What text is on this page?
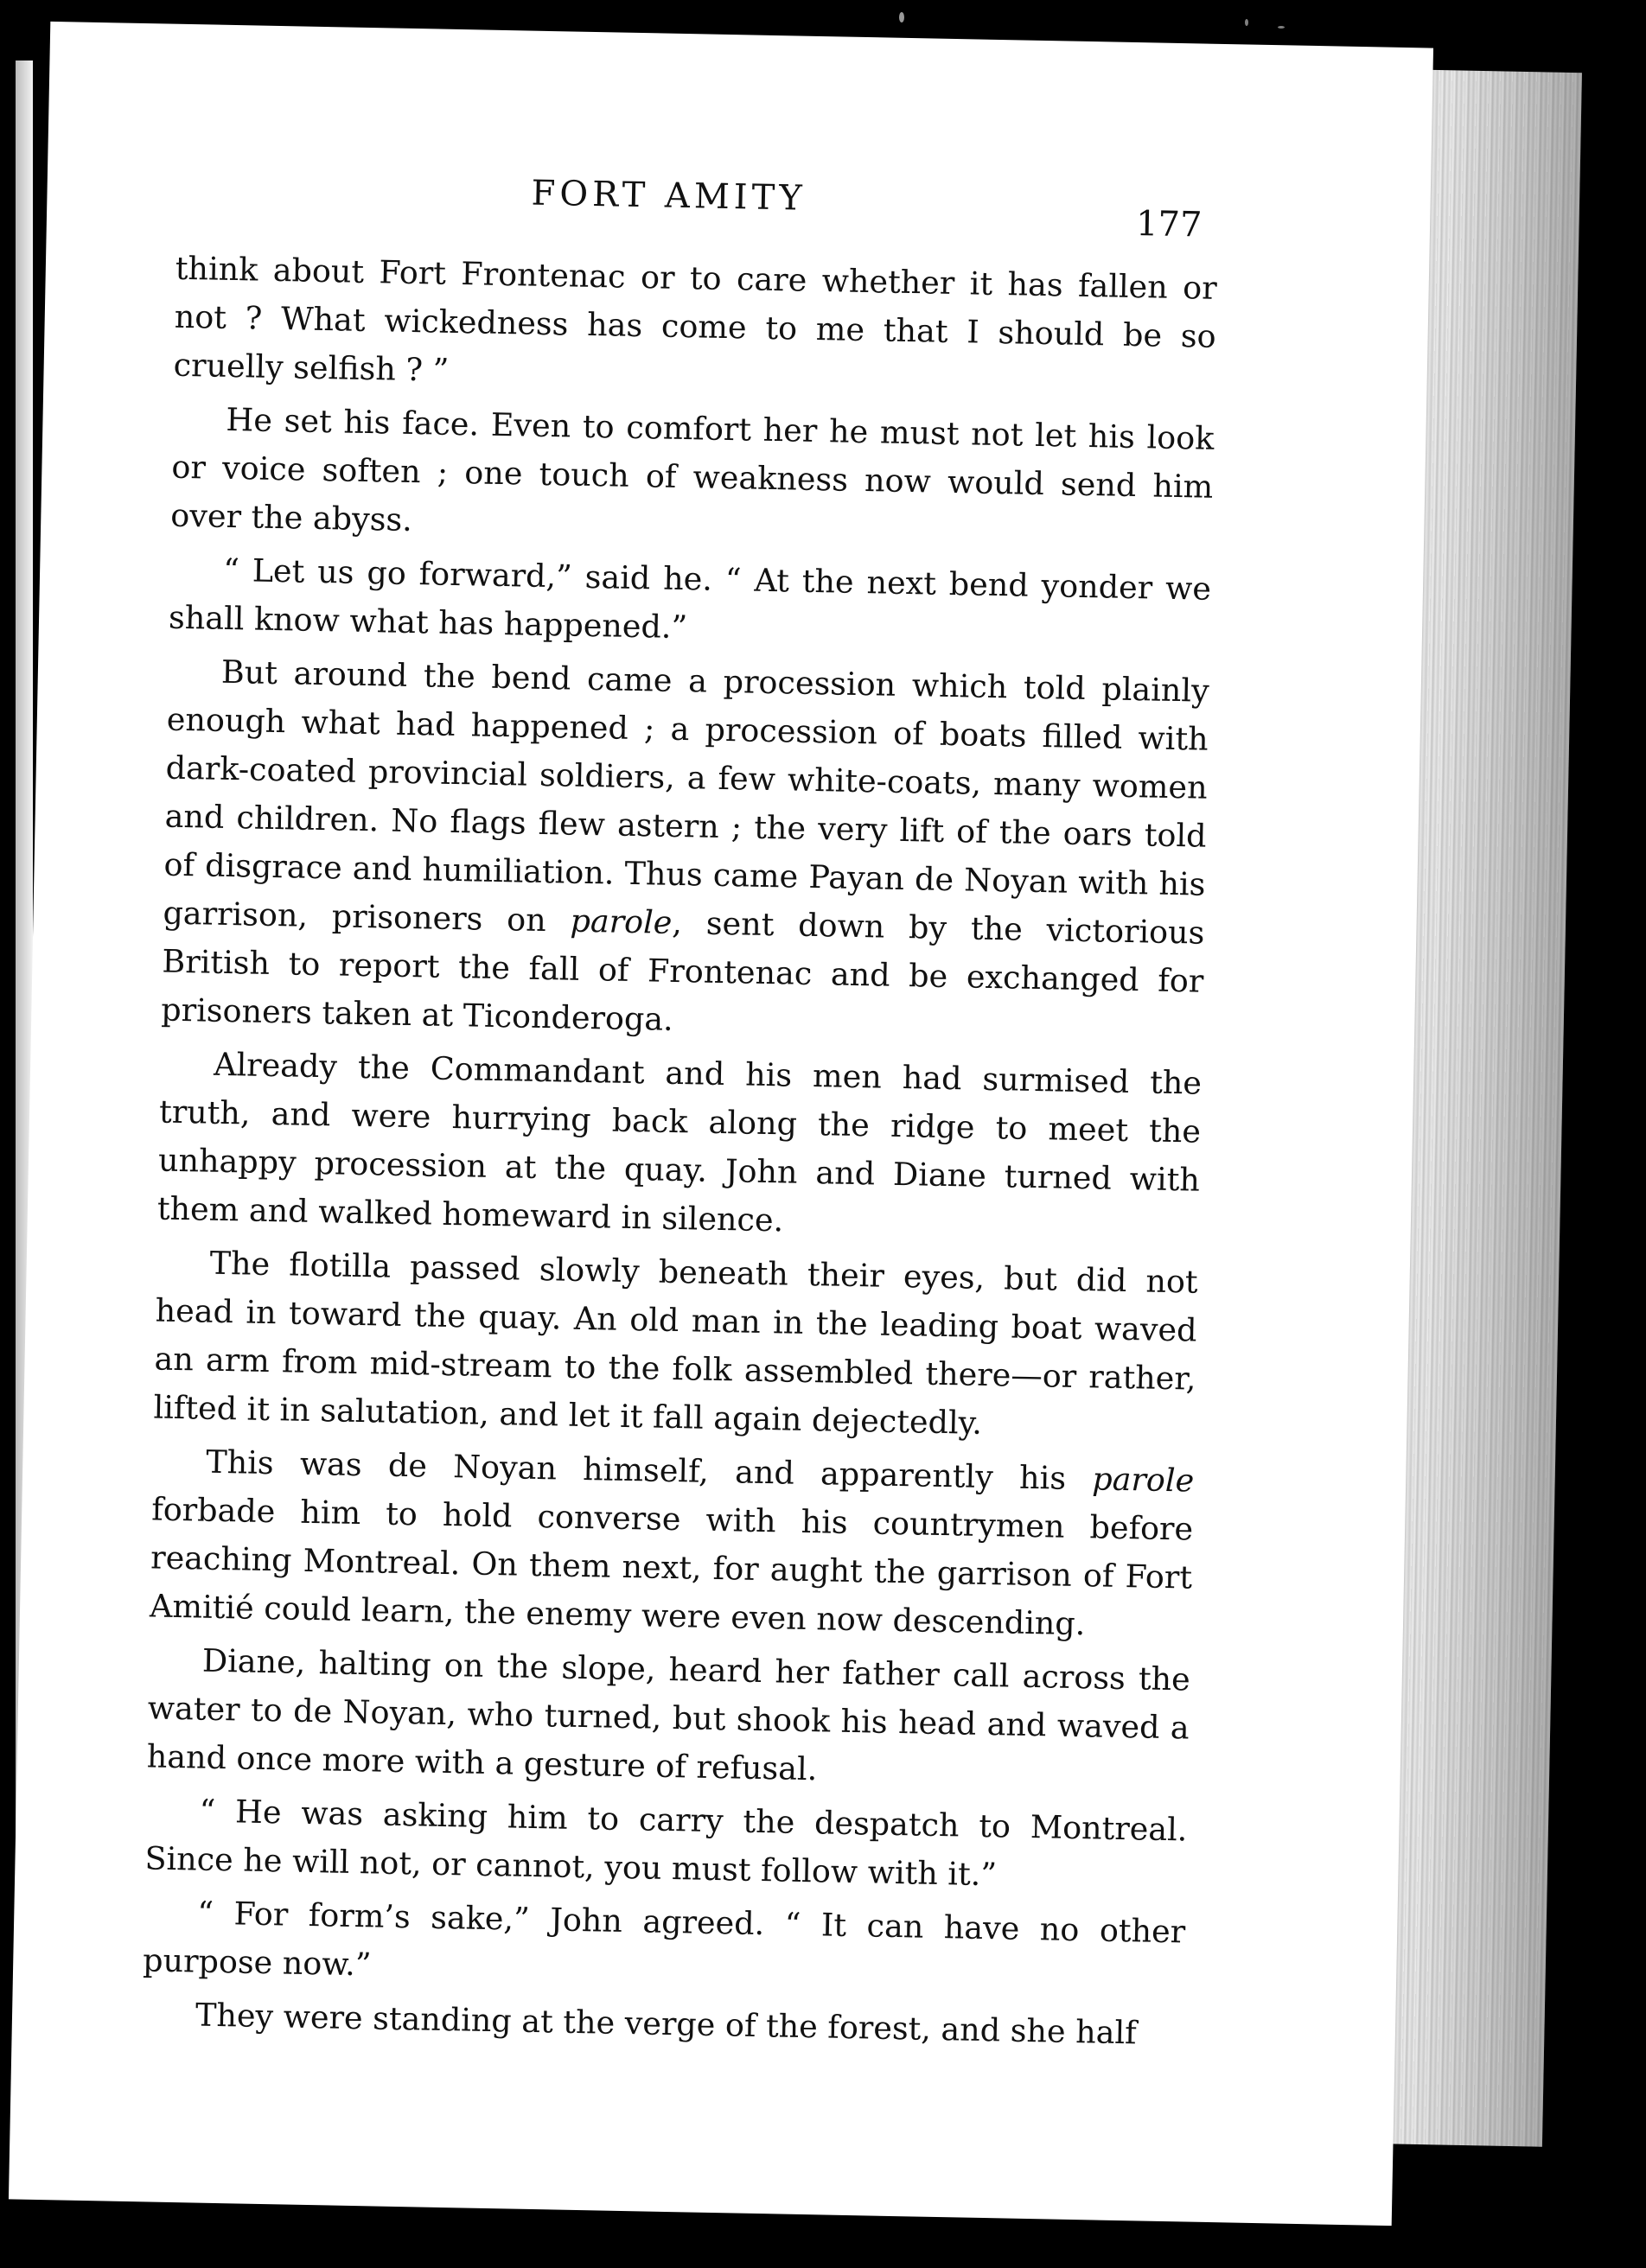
FORT AMITY
177

think about Fort Frontenac or to care whether it has fallen or not ? What wickedness has come to me that I should be so cruelly selfish ? ”

He set his face. Even to comfort her he must not let his look or voice soften ; one touch of weakness now would send him over the abyss.

“ Let us go forward,” said he. “ At the next bend yonder we shall know what has happened.”

But around the bend came a procession which told plainly enough what had happened ; a procession of boats filled with dark-coated provincial soldiers, a few white-coats, many women and children. No flags flew astern ; the very lift of the oars told of disgrace and humiliation. Thus came Payan de Noyan with his garrison, prisoners on parole, sent down by the victorious British to report the fall of Frontenac and be exchanged for prisoners taken at Ticonderoga.

Already the Commandant and his men had surmised the truth, and were hurrying back along the ridge to meet the unhappy procession at the quay. John and Diane turned with them and walked homeward in silence.

The flotilla passed slowly beneath their eyes, but did not head in toward the quay. An old man in the leading boat waved an arm from mid-stream to the folk assembled there—or rather, lifted it in salutation, and let it fall again dejectedly.

This was de Noyan himself, and apparently his parole forbade him to hold converse with his countrymen before reaching Montreal. On them next, for aught the garrison of Fort Amitié could learn, the enemy were even now descending.

Diane, halting on the slope, heard her father call across the water to de Noyan, who turned, but shook his head and waved a hand once more with a gesture of refusal.

“ He was asking him to carry the despatch to Montreal. Since he will not, or cannot, you must follow with it.”

“ For form’s sake,” John agreed. “ It can have no other purpose now.”

They were standing at the verge of the forest, and she half
